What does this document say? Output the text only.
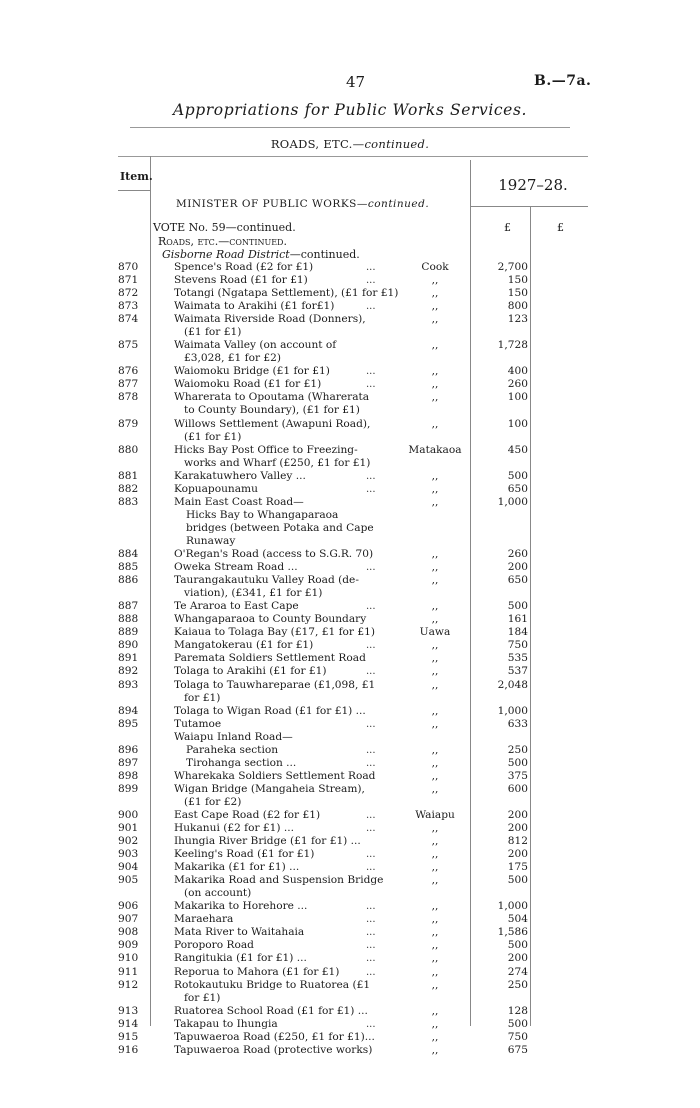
47	B.—7a.
Appropriations for Public Works Services.
ROADS, ETC.—continued.
Item.	1927–28.
MINISTER OF PUBLIC WORKS—continued.
£	£
VOTE No. 59—continued.
Roads, etc.—continued.
Gisborne Road District—continued.
870	Spence's Road (£2 for £1)	...	Cook	2,700
871	Stevens Road (£1 for £1)	...	,,	150
872	Totangi (Ngatapa Settlement), (£1 for £1)	,,	150
873	Waimata to Arakihi (£1 for£1)	...	,,	800
874	Waimata Riverside Road (Donners),
(£1 for £1)
,,	123
875	Waimata Valley (on account of
£3,028, £1 for £2)
,,	1,728
876	Waiomoku Bridge (£1 for £1)	...	,,	400
877	Waiomoku Road (£1 for £1)	...	,,	260
878	Wharerata to Opoutama (Wharerata
to County Boundary), (£1 for £1)
,,	100
879	Willows Settlement (Awapuni Road),
(£1 for £1)
,,	100
880	Hicks Bay Post Office to Freezing-
works and Wharf (£250, £1 for £1)
Matakaoa	450
881	Karakatuwhero Valley ...	...	,,	500
882	Kopuapounamu	...	,,	650
883	Main East Coast Road—
Hicks Bay to Whangaparaoa
bridges (between Potaka and Cape
Runaway
,,	1,000
884	O'Regan's Road (access to S.G.R. 70)	,,	260
885	Oweka Stream Road ...	...	,,	200
886	Taurangakautuku Valley Road (de-
viation), (£341, £1 for £1)
,,	650
887	Te Araroa to East Cape	...	,,	500
888	Whangaparaoa to County Boundary	,,	161
889	Kaiaua to Tolaga Bay (£17, £1 for £1)	Uawa	184
890	Mangatokerau (£1 for £1)	...	,,	750
891	Paremata Soldiers Settlement Road	,,	535
892	Tolaga to Arakihi (£1 for £1)	...	,,	537
893	Tolaga to Tauwhareparae (£1,098, £1
for £1)
,,	2,048
894	Tolaga to Wigan Road (£1 for £1) ...	,,	1,000
895	Tutamoe	...	,,	633
Waiapu Inland Road—
896	Paraheka section	...	,,	250
897	Tirohanga section ...	...	,,	500
898	Wharekaka Soldiers Settlement Road	,,	375
899	Wigan Bridge (Mangaheia Stream),
(£1 for £2)
,,	600
900	East Cape Road (£2 for £1)	...	Waiapu	200
901	Hukanui (£2 for £1) ...	...	,,	200
902	Ihungia River Bridge (£1 for £1) ...	,,	812
903	Keeling's Road (£1 for £1)	...	,,	200
904	Makarika (£1 for £1) ...	...	,,	175
905	Makarika Road and Suspension Bridge
(on account)
,,	500
906	Makarika to Horehore ...	...	,,	1,000
907	Maraehara	...	,,	504
908	Mata River to Waitahaia	...	,,	1,586
909	Poroporo Road	...	,,	500
910	Rangitukia (£1 for £1) ...	...	,,	200
911	Reporua to Mahora (£1 for £1)	...	,,	274
912	Rotokautuku Bridge to Ruatorea (£1
for £1)
,,	250
913	Ruatorea School Road (£1 for £1) ...	,,	128
914	Takapau to Ihungia	...	,,	500
915	Tapuwaeroa Road (£250, £1 for £1)...	,,	750
916	Tapuwaeroa Road (protective works)	,,	675
